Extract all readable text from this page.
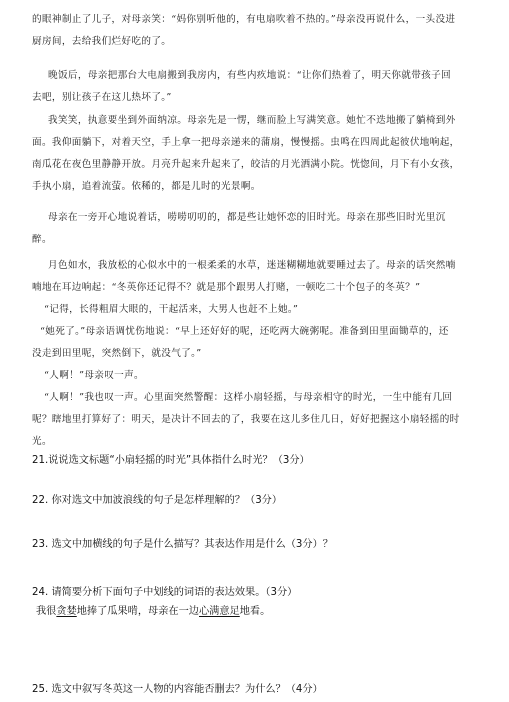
的眼神制止了儿子，对母亲笑：“妈你别听他的，有电扇吹着不热的。”母亲没再说什么，一头没进
厨房间，去给我们烂好吃的了。
晚饭后，母亲把那台大电扇搬到我房内，有些内疚地说：“让你们热着了，明天你就带孩子回
去吧，别让孩子在这儿热坏了。”
我笑笑，执意要坐到外面纳凉。母亲先是一愣，继而脸上写满笑意。她忙不迭地搬了躺椅到外
面。我仰面躺下，对着天空，手上拿一把母亲递来的蒲扇，慢慢摇。虫鸣在四周此起彼伏地响起，
南瓜花在夜色里静静开放。月亮升起来升起来了，皎洁的月光洒满小院。恍惚间，月下有小女孩，
手执小扇，追着流萤。依稀的，都是儿时的光景啊。
母亲在一旁开心地说着话，唠唠叨叨的，都是些让她怀恋的旧时光。母亲在那些旧时光里沉
醉。
月色如水，我放松的心似水中的一根柔柔的水草，迷迷糊糊地就要睡过去了。母亲的话突然喃
喃地在耳边响起：“冬英你还记得不？就是那个跟男人打赌，一顿吃二十个包子的冬英？”
“记得，长得粗眉大眼的，干起活来，大男人也赶不上她。”
“她死了。”母亲语调忧伤地说：“早上还好好的呢，还吃两大碗粥呢。准备到田里面锄草的，还
没走到田里呢，突然倒下，就没气了。”
“人啊！”母亲叹一声。
“人啊！”我也叹一声。心里面突然警醒：这样小扇轻摇，与母亲相守的时光，一生中能有几回
呢？瞎地里打算好了：明天，是决计不回去的了，我要在这儿多住几日，好好把握这小扇轻摇的时
光。
21.说说选文标题“小扇轻摇的时光”具体指什么时光？（3分）
22. 你对选文中加波浪线的句子是怎样理解的？（3分）
23. 选文中加横线的句子是什么描写？其表达作用是什么（3分）？
24. 请简要分析下面句子中划线的词语的表达效果。（3分）
我很贪婪地捧了瓜果啃，母亲在一边心满意足地看。
25. 选文中叙写冬英这一人物的内容能否删去？为什么？（4分）
